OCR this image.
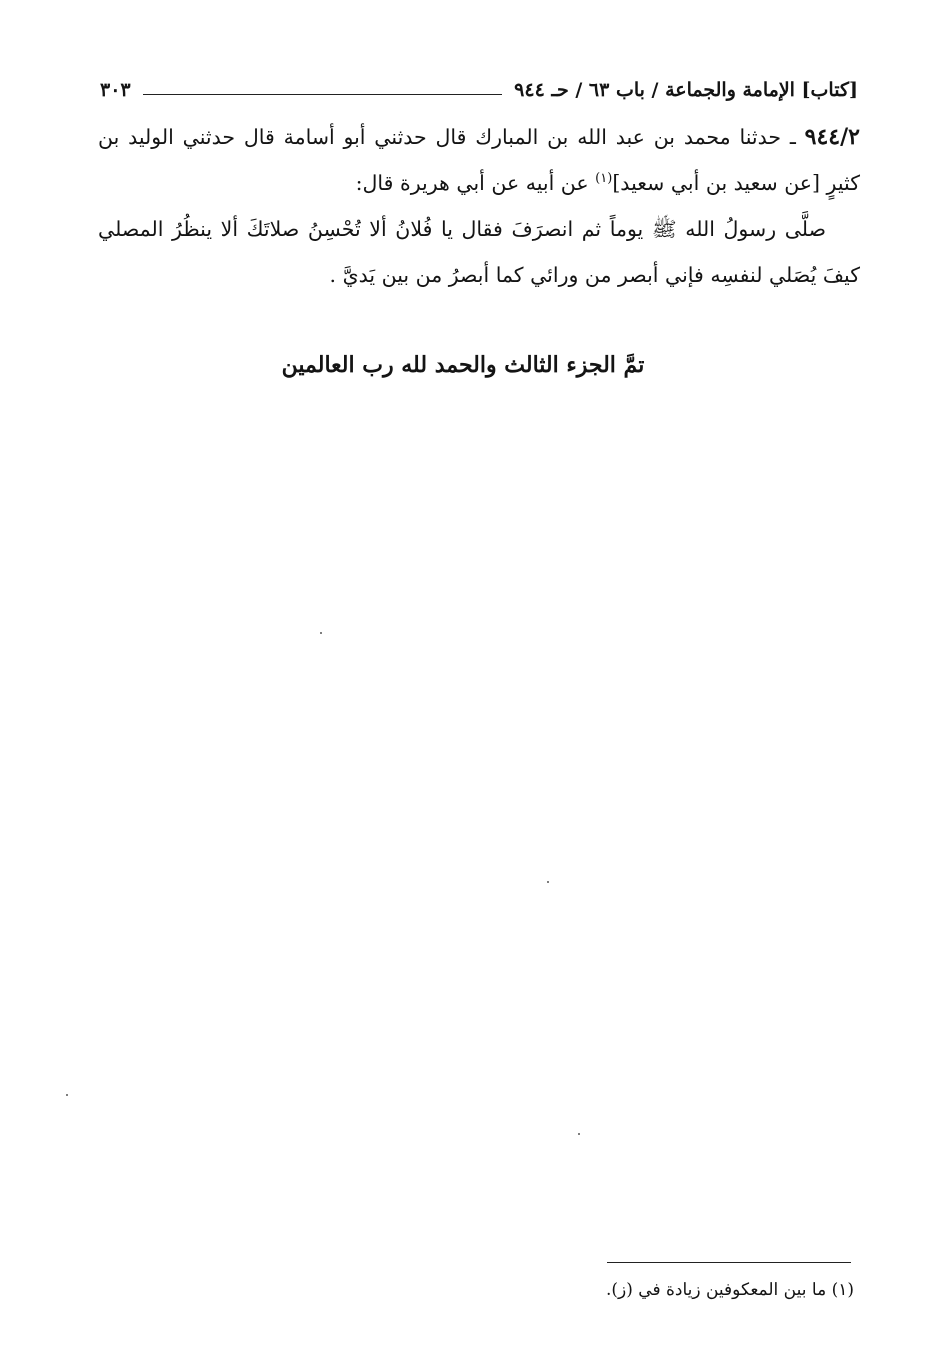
[كتاب] الإمامة والجماعة / باب ٦٣ / حـ ٩٤٤
٣٠٣

٩٤٤/٢ ـ حدثنا محمد بن عبد الله بن المبارك قال حدثني أبو أسامة قال حدثني الوليد بن كثيرٍ [عن سعيد بن أبي سعيد]$^{(١)}$ عن أبيه عن أبي هريرة قال:

صلَّى رسولُ الله ﷺ يوماً ثم انصرَفَ فقال يا فُلانُ ألا تُحْسِنُ صلاتَكَ ألا ينظُرُ المصلي كيفَ يُصَلي لنفسِه فإني أبصر من ورائي كما أبصرُ من بين يَديَّ .

تمَّ الجزء الثالث والحمد لله رب العالمين
(١) ما بين المعكوفين زيادة في (ز).
